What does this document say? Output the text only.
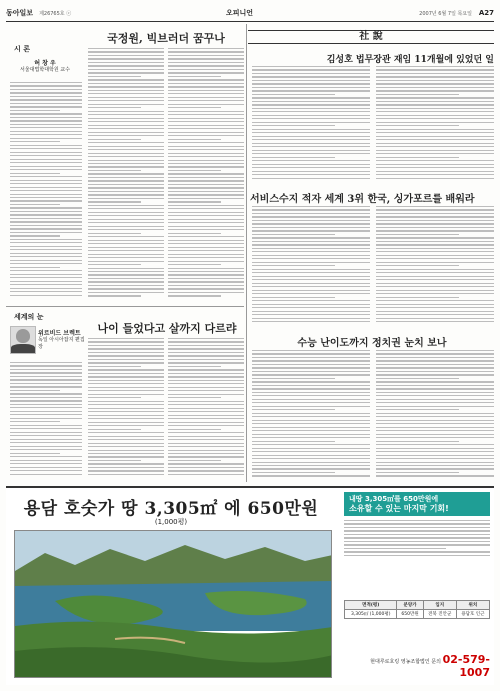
동아일보 제26765호 ⓒ	오피니언	2007년 6월 7일 목요일 A27
시 론
국정원, 빅브러더 꿈꾸나
허 창 우
서울대법학대학원 교수
세계의 눈
위르비드 브렉트
독일 아시아잡지 편집장
나이 들었다고 살까지 다르랴
社 說
김성호 법무장관 재임 11개월에 있었던 일
서비스수지 적자 세계 3위 한국, 싱가포르를 배워라
수능 난이도까지 정치권 눈치 보나
용담 호숫가 땅 3,305㎡ 에 650만원
(1,000평)
내땅 3,305㎡를 650만원에
소유할 수 있는 마지막 기회!
면적(평)	분양가	입지	위치
3,305㎡ (1,000평)	650만원	전북 진안군	용담호 인근
현대루로호링 영농조합법인 문의 02-579-1007
